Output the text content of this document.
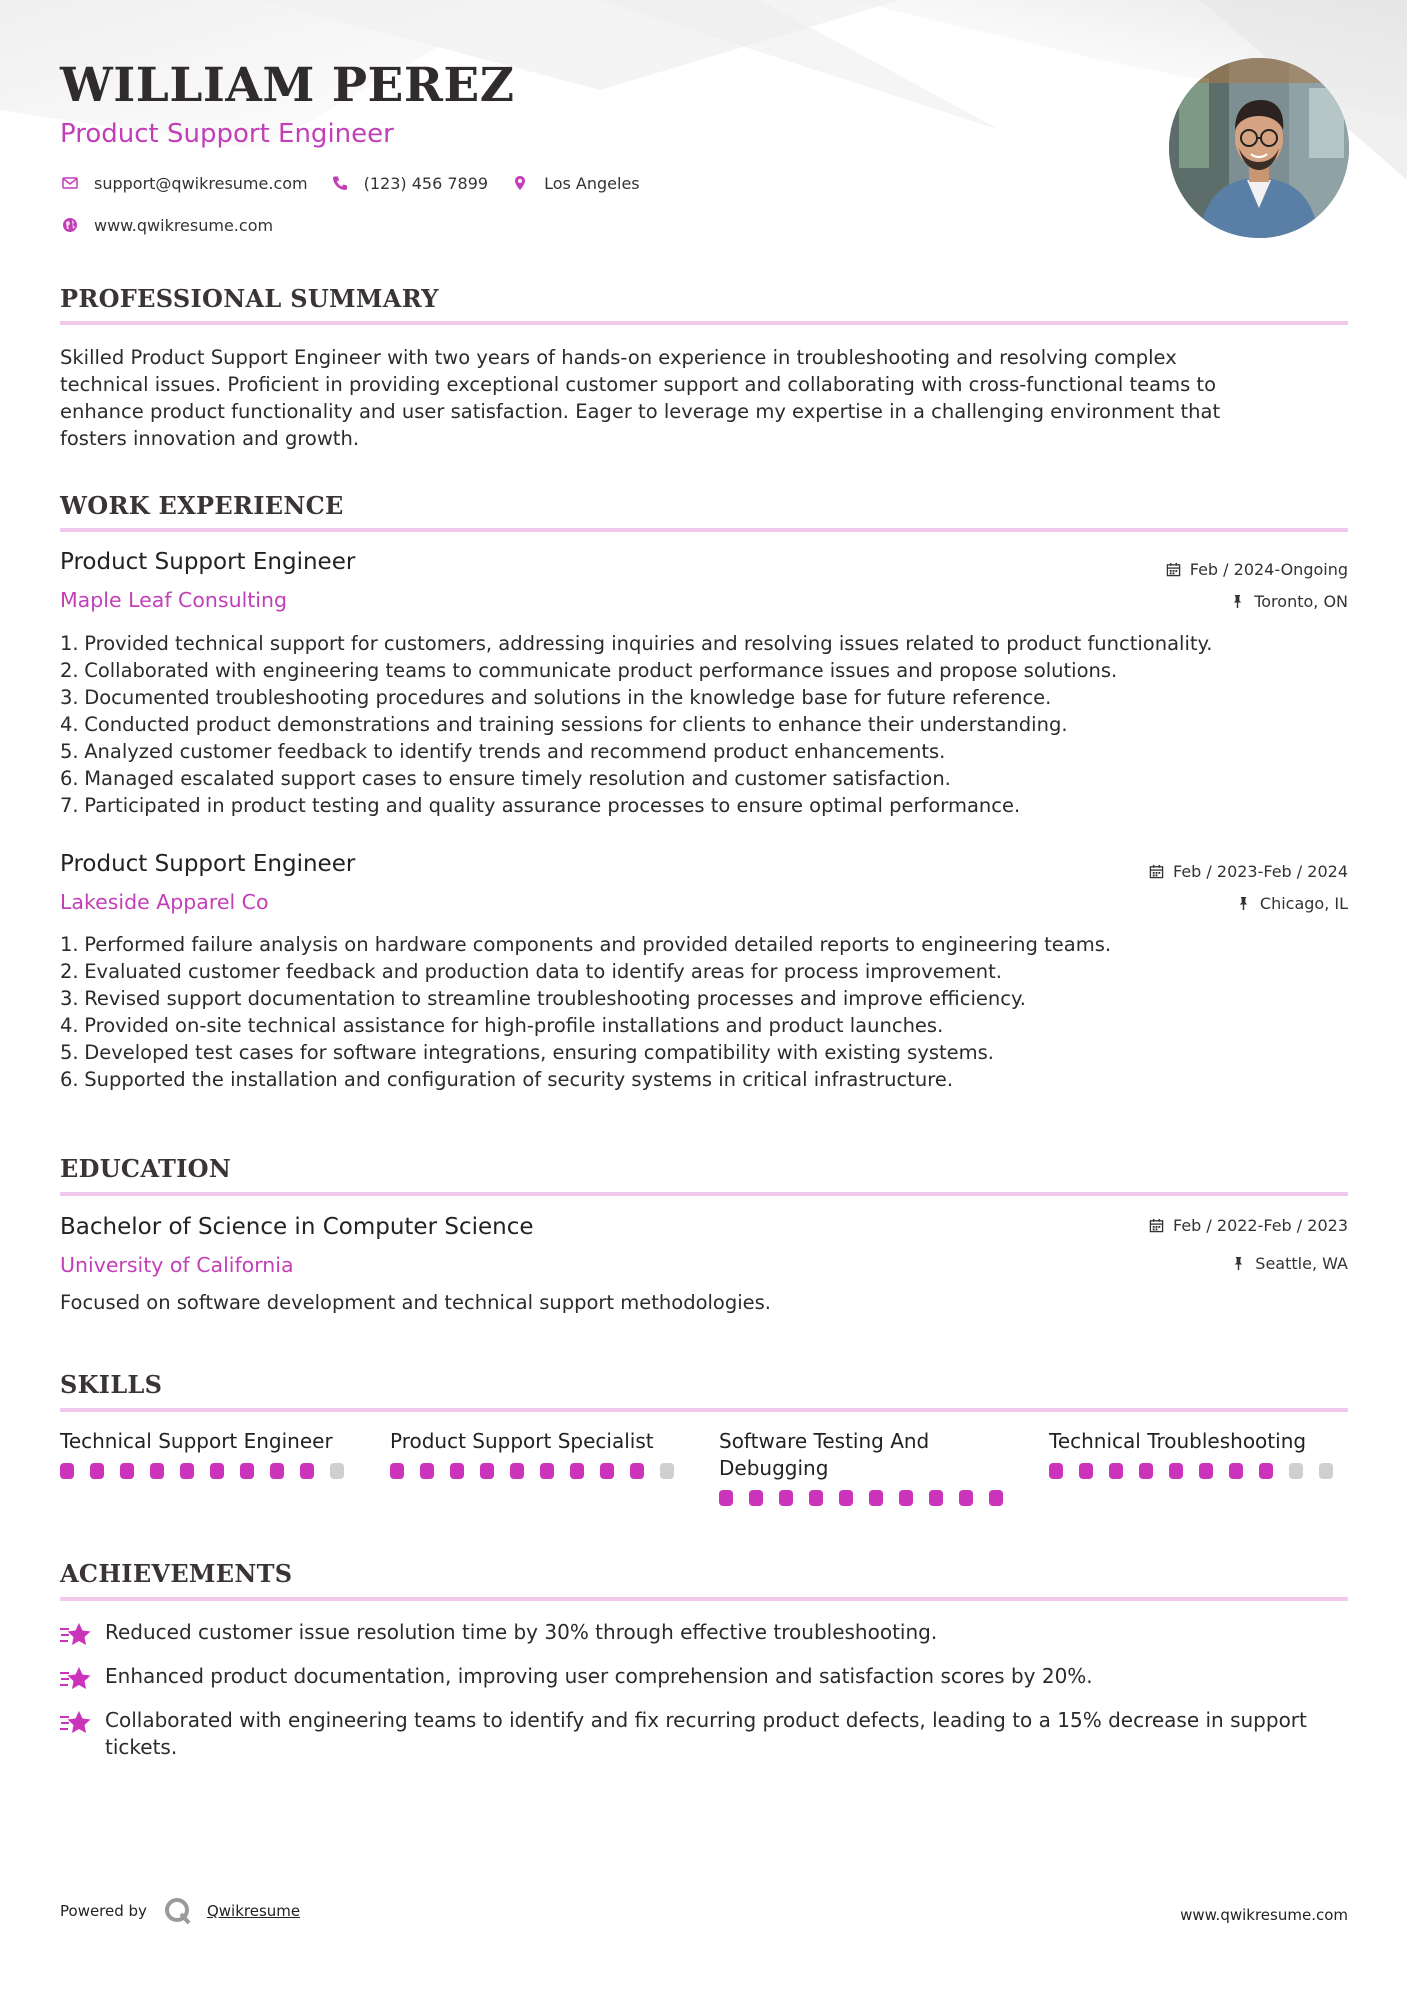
WILLIAM PEREZ
Product Support Engineer
support@qwikresume.com	(123) 456 7899	Los Angeles
www.qwikresume.com
PROFESSIONAL SUMMARY
Skilled Product Support Engineer with two years of hands-on experience in troubleshooting and resolving complex
technical issues. Proficient in providing exceptional customer support and collaborating with cross-functional teams to
enhance product functionality and user satisfaction. Eager to leverage my expertise in a challenging environment that
fosters innovation and growth.
WORK EXPERIENCE
Product Support Engineer
Maple Leaf Consulting
Feb / 2024-Ongoing
Toronto, ON
1.
Provided technical support for customers, addressing inquiries and resolving issues related to product functionality.
2.
Collaborated with engineering teams to communicate product performance issues and propose solutions.
3.
Documented troubleshooting procedures and solutions in the knowledge base for future reference.
4.
Conducted product demonstrations and training sessions for clients to enhance their understanding.
5.
Analyzed customer feedback to identify trends and recommend product enhancements.
6.
Managed escalated support cases to ensure timely resolution and customer satisfaction.
7.
Participated in product testing and quality assurance processes to ensure optimal performance.
Product Support Engineer
Lakeside Apparel Co
Feb / 2023-Feb / 2024
Chicago, IL
1.
Performed failure analysis on hardware components and provided detailed reports to engineering teams.
2.
Evaluated customer feedback and production data to identify areas for process improvement.
3.
Revised support documentation to streamline troubleshooting processes and improve efficiency.
4.
Provided on-site technical assistance for high-profile installations and product launches.
5.
Developed test cases for software integrations, ensuring compatibility with existing systems.
6.
Supported the installation and configuration of security systems in critical infrastructure.
EDUCATION
Bachelor of Science in Computer Science
University of California
Feb / 2022-Feb / 2023
Seattle, WA
Focused on software development and technical support methodologies.
SKILLS
Technical Support Engineer	Product Support Specialist	Software Testing And Debugging
Technical Troubleshooting
ACHIEVEMENTS
Reduced customer issue resolution time by 30% through effective troubleshooting.
Enhanced product documentation, improving user comprehension and satisfaction scores by 20%.
Collaborated with engineering teams to identify and fix recurring product defects, leading to a 15% decrease in support tickets.
Powered by	Qwikresume	www.qwikresume.com
